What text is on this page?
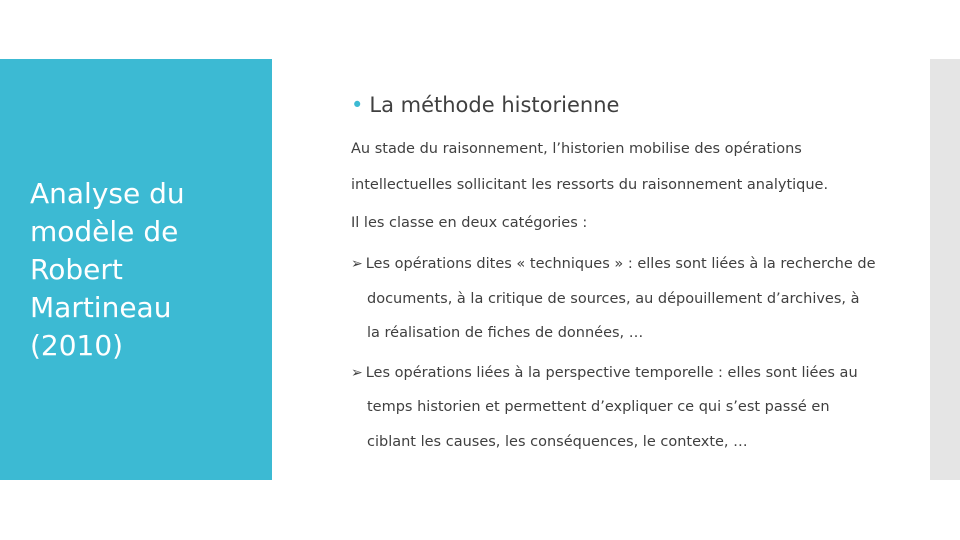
Analyse du
modèle de
Robert
Martineau
(2010)
• La méthode historienne
Au stade du raisonnement, l’historien mobilise des opérations
intellectuelles sollicitant les ressorts du raisonnement analytique.
Il les classe en deux catégories :
➢ Les opérations dites « techniques » : elles sont liées à la recherche de
documents, à la critique de sources, au dépouillement d’archives, à
la réalisation de fiches de données, …
➢ Les opérations liées à la perspective temporelle : elles sont liées au
temps historien et permettent d’expliquer ce qui s’est passé en
ciblant les causes, les conséquences, le contexte, …
